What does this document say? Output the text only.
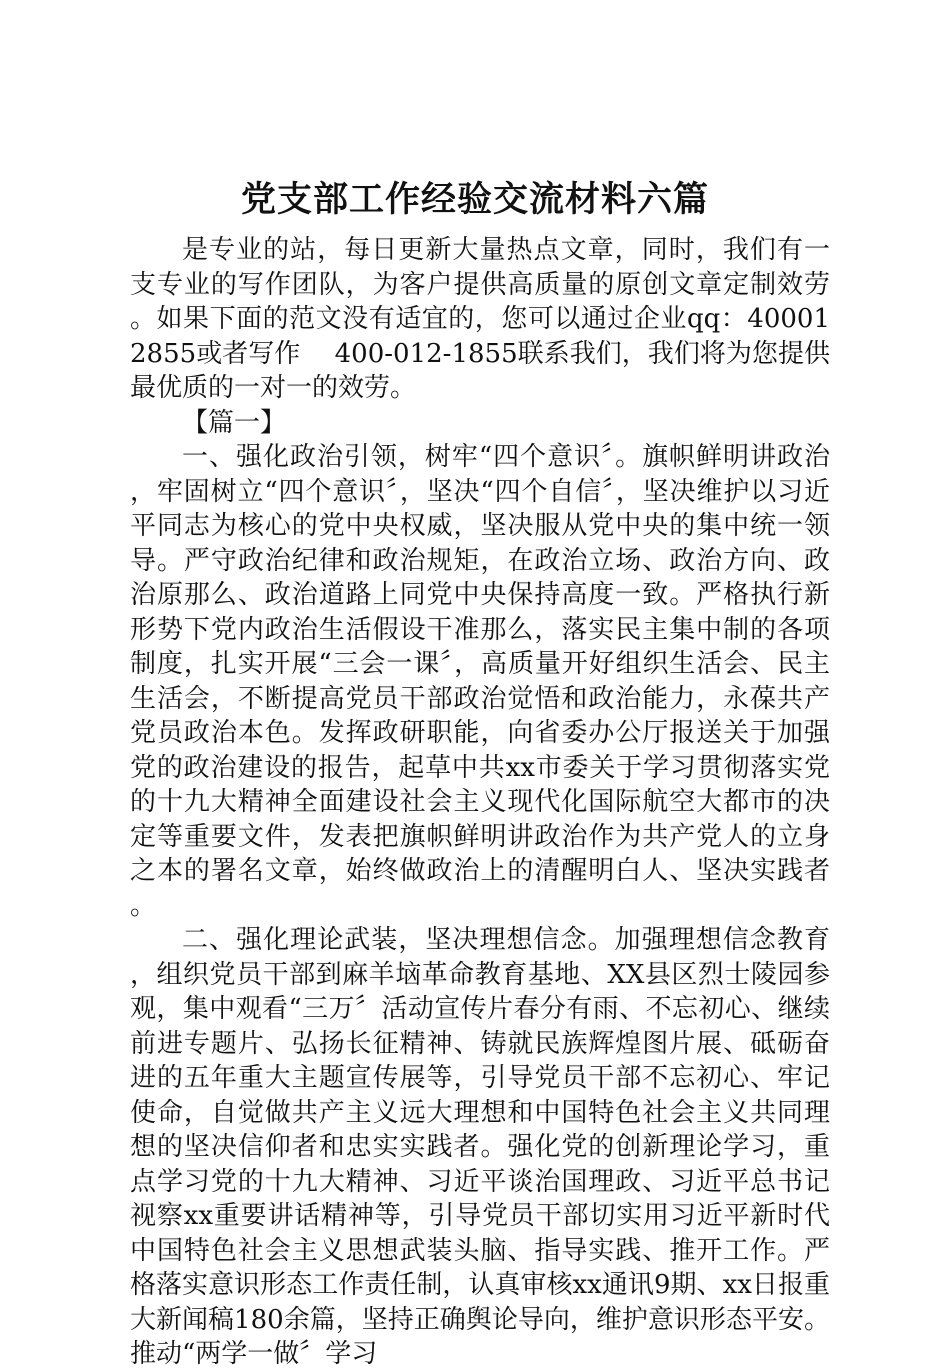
党支部工作经验交流材料六篇

是专业的站，每日更新大量热点文章，同时，我们有一支专业的写作团队，为客户提供高质量的原创文章定制效劳。如果下面的范文没有适宜的，您可以通过企业qq：400012855或者写作　 400-012-1855联系我们，我们将为您提供最优质的一对一的效劳。

【篇一】

一、强化政治引领，树牢“四个意识〞。旗帜鲜明讲政治，牢固树立“四个意识〞，坚决“四个自信〞，坚决维护以习近平同志为核心的党中央权威，坚决服从党中央的集中统一领导。严守政治纪律和政治规矩，在政治立场、政治方向、政治原那么、政治道路上同党中央保持高度一致。严格执行新形势下党内政治生活假设干准那么，落实民主集中制的各项制度，扎实开展“三会一课〞，高质量开好组织生活会、民主生活会，不断提高党员干部政治觉悟和政治能力，永葆共产党员政治本色。发挥政研职能，向省委办公厅报送关于加强党的政治建设的报告，起草中共xx市委关于学习贯彻落实党的十九大精神全面建设社会主义现代化国际航空大都市的决定等重要文件，发表把旗帜鲜明讲政治作为共产党人的立身之本的署名文章，始终做政治上的清醒明白人、坚决实践者。

二、强化理论武装，坚决理想信念。加强理想信念教育，组织党员干部到麻羊垴革命教育基地、XX县区烈士陵园参观，集中观看“三万〞活动宣传片春分有雨、不忘初心、继续前进专题片、弘扬长征精神、铸就民族辉煌图片展、砥砺奋进的五年重大主题宣传展等，引导党员干部不忘初心、牢记使命，自觉做共产主义远大理想和中国特色社会主义共同理想的坚决信仰者和忠实实践者。强化党的创新理论学习，重点学习党的十九大精神、习近平谈治国理政、习近平总书记视察xx重要讲话精神等，引导党员干部切实用习近平新时代中国特色社会主义思想武装头脑、指导实践、推开工作。严格落实意识形态工作责任制，认真审核xx通讯9期、xx日报重大新闻稿180余篇，坚持正确舆论导向，维护意识形态平安。推动“两学一做〞学习
